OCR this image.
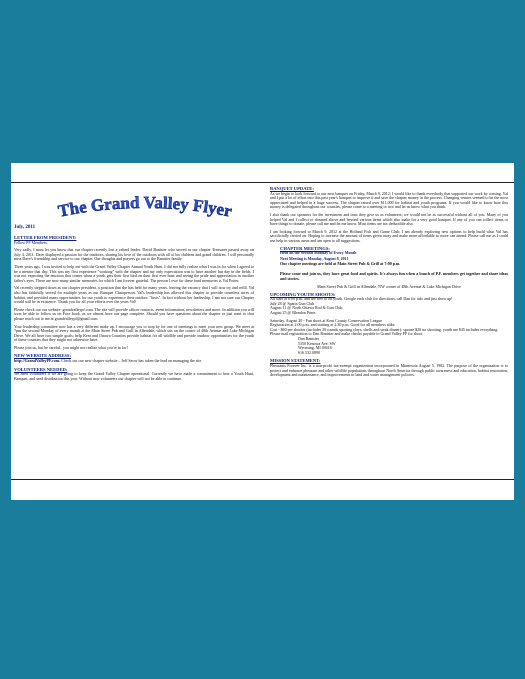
The Grand Valley Flyer
July, 2011
LETTER FROM PRESIDENT:

Fellow PF Members,

Very sadly, I must let you know that our chapter recently lost a valued leader. David Banister who served as our chapter Treasurer passed away on July 4, 2011. Dave displayed a passion for the outdoors, sharing his love of the outdoors with all of his children and grand children. I will personally miss Dave's friendship and service to our chapter. Our thoughts and prayers go out to the Banister family.

Three years ago, I was invited to help out with the Grand Valley Chapter Annual Youth Hunt. I did not fully realize what I was in for when I agreed to be a mentor that day. This was my first experience "working" with the chapter and my only expectation was to have another fun day in the fields. I was not expecting the emotion that comes when a youth gets their first bird on their first ever hunt and seeing the pride and appreciation in another father's eyes. There are now many similar memories for which I am forever grateful. The person I owe for these fond memories is Val Potter.

Val recently stepped down as our chapter president, a position that she has held for many years, leaving the vacancy that I will now try and refill. Val also has faithfully served for multiple years as our Banquet Chairperson. Val's leadership has allowed this chapter to provide countless acres of habitat, and provided many opportunities for our youth to experience their outdoor "firsts". In fact without her leadership, I am not sure our Chapter would still be in existence. Thank you for all your efforts over the years Val!

Please check out our website: grandvalleypf.com. The site will provide officer contacts, event information, newsletters and more. In addition you will soon be able to follow us on Face book, as we almost have our page complete. Should you have questions about the chapter or just want to chat please reach out to me at grandvalleypf@gmail.com

Your leadership committee now has a very different make up. I encourage you to stop by for one of meetings to meet your new group. We meet at 7pm the second Monday of every month at the Main Street Pub and Grill in Allendale, which sits on the corner of 48th Avenue and Lake Michigan Drive. We all have two simple goals; help Kent and Ottawa Counties provide habitat for all wildlife and provide outdoor opportunities for the youth of these counties that they might not otherwise have.

Please join us, but be careful.. you might not realize what you're in for!

NEW WEBSITE ADDRESS:

http://GrandValleyPF.com. Check out our new chapter website – Jeff Secor has taken the lead on managing the site.

VOLUNTEERS NEEDED:

We need volunteers if we are going to keep the Grand Valley Chapter operational. Currently we have made a commitment to host a Youth Hunt, Banquet, and seed distribution this year. Without new volunteers our chapter will not be able to continue.

BANQUET UPDATE:

As we begin to look forward to our next banquet on Friday, March 9, 2012; I would like to thank everybody that supported our work by coming. Val and I put a lot of effort into this past year's banquet to improve it and save the chapter money in the process. Changing venues seemed to be the most appreciated and helped in a huge success. The chapter raised over $11,000 for habitat and youth programs. If you would like to know how this money is delegated throughout our counties, please come to a meeting or two and let us know what you think.

I also thank our sponsors for the investment and trust they give us as volunteers; we would not be as successful without all of you. Many of you helped Val and I collect or donated above and beyond various items which also make for a very good banquet. If any of you can collect items or have things to donate, please call me and let me know. Most items are tax deductible also.

I am looking forward to March 9, 2012 at the Holland Fish and Game Club; I am already exploring new options to help build what Val has sacrificially carried on. Hoping to increase the amount of items given away and make more affordable so more can attend. Please call me as I could use help in various areas and am open to all suggestions.

CHAPTER MEETINGS:

Held on the Second Monday of Every Month

Next Meeting is Monday, August 8, 2011

Our chapter meetings are held at Main Street Pub & Grill at 7:00 p.m.

Please come and join us, they have great food and spirits. It's always fun when a bunch of P.F. members get together and share ideas and stories.

Main Street Pub & Grill in Allendale, NW corner of 48th Avenue & Lake Michigan Drive

UPCOMING YOUTH SHOOTS:

All start at 6:00 p.m. and are free to all youth. Google each club for directions, call Dan for info and just show up!

July 28 @ Sparta Gun Club

August 11 @ North Ottawa Rod & Gun Club

August 25 @ Blendon Pines

Saturday, August 20 - Fun shoot at Kent County Conservation League

Registration at 2:00 p.m. and starting at 2:30 p.m. Good for all members alike.

Cost - $60 per shooter (includes 50 rounds sporting clays, shells and steak dinner); spouse $20 no shooting, youth are $45 includes everything.

Please mail registration to Dan Banister and make checks payable to Grand Valley PF for shoot

Dan Banister

5350 Kenowa Ave. SW

Wyoming, MI 49418

616.532.0890

MISSION STATEMENT:

Pheasants Forever Inc. is a non-profit tax-exempt organization incorporated in Minnesota August 5, 1982. The purpose of the organization is to protect and enhance pheasant and other wildlife populations throughout North America through public awareness and education, habitat restoration, development and maintenance, and improvements in land and water management policies.
